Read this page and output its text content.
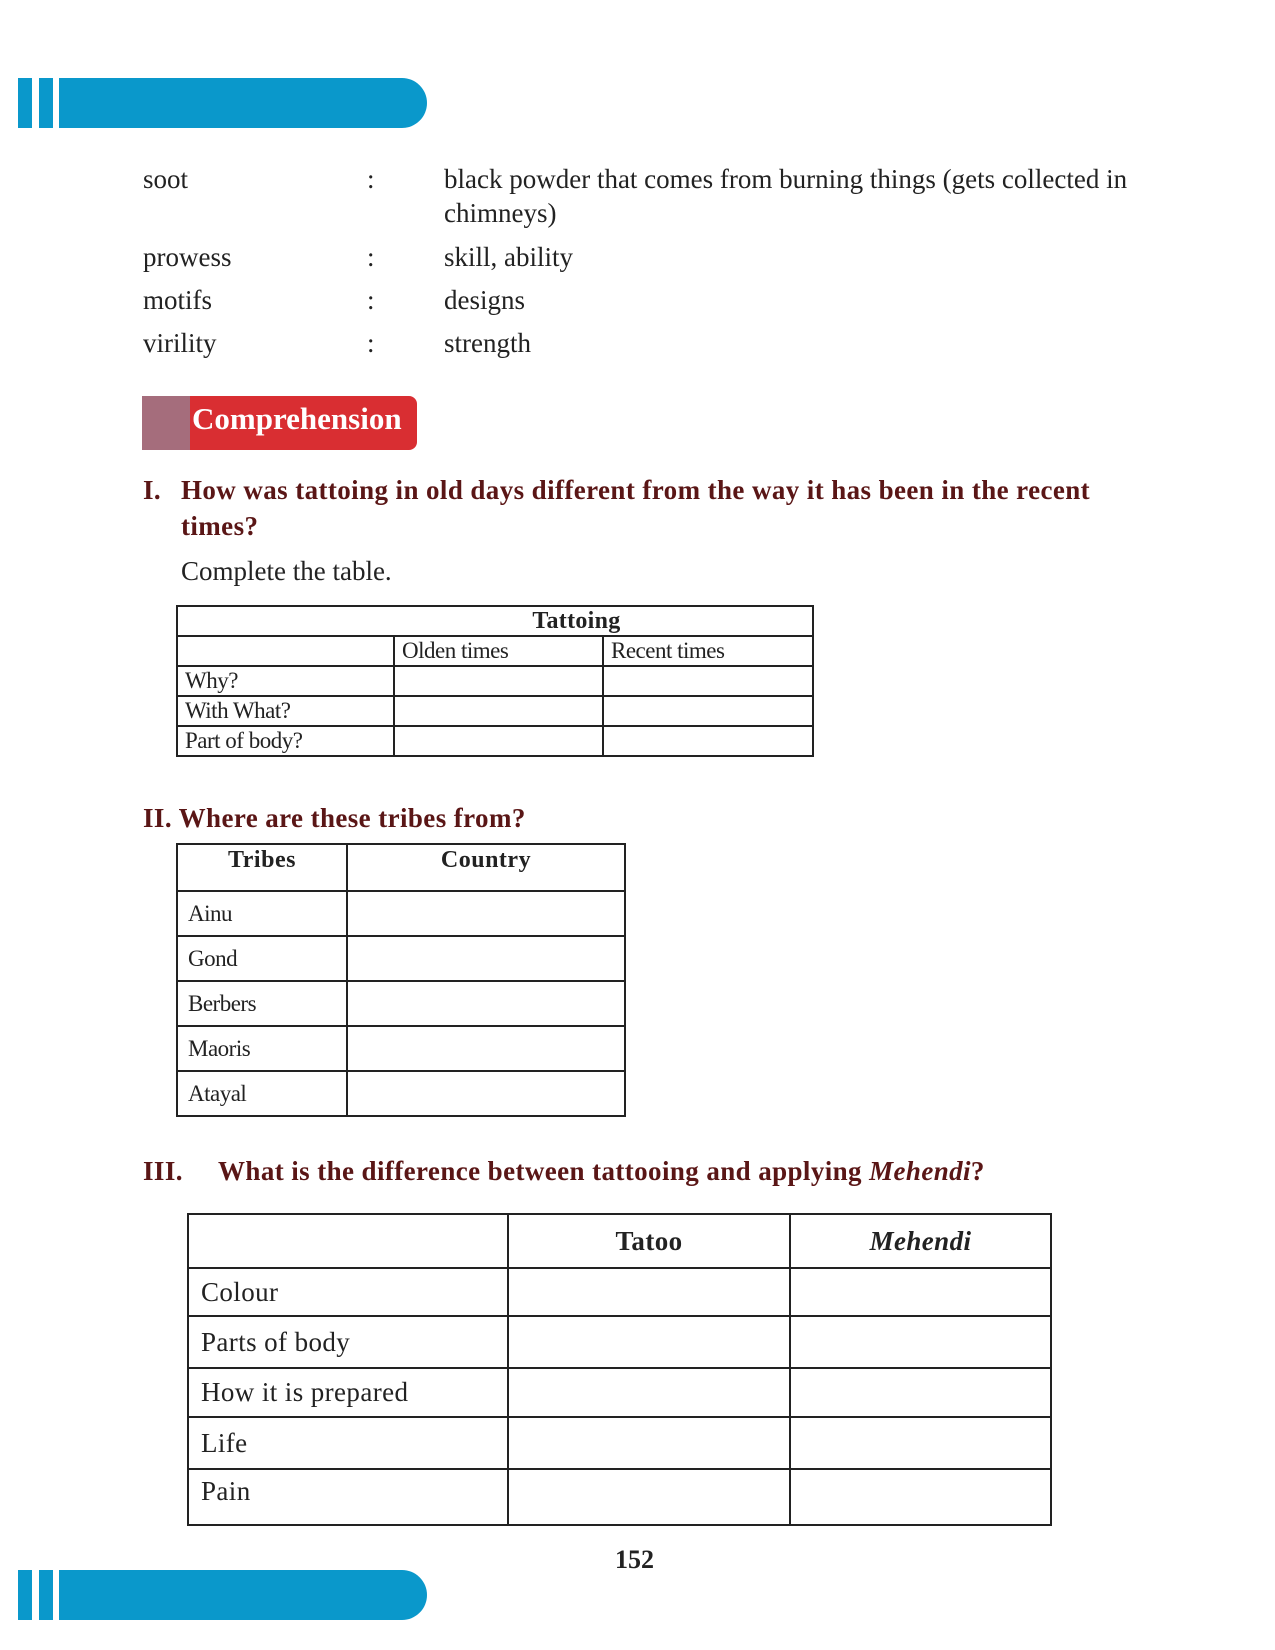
soot	:	black powder that comes from burning things (gets collected in chimneys)
prowess	:	skill, ability
motifs	:	designs
virility	:	strength
Comprehension
I. How was tattoing in old days different from the way it has been in the recent times?
Complete the table.
Tattoing		
	Olden times	Recent times
Why?		
With What?		
Part of body?		
II. Where are these tribes from?
Tribes	Country
Ainu	
Gond	
Berbers	
Maoris	
Atayal	
III. What is the difference between tattooing and applying Mehendi?
	Tatoo	Mehendi
Colour		
Parts of body		
How it is prepared		
Life		
Pain		
152
